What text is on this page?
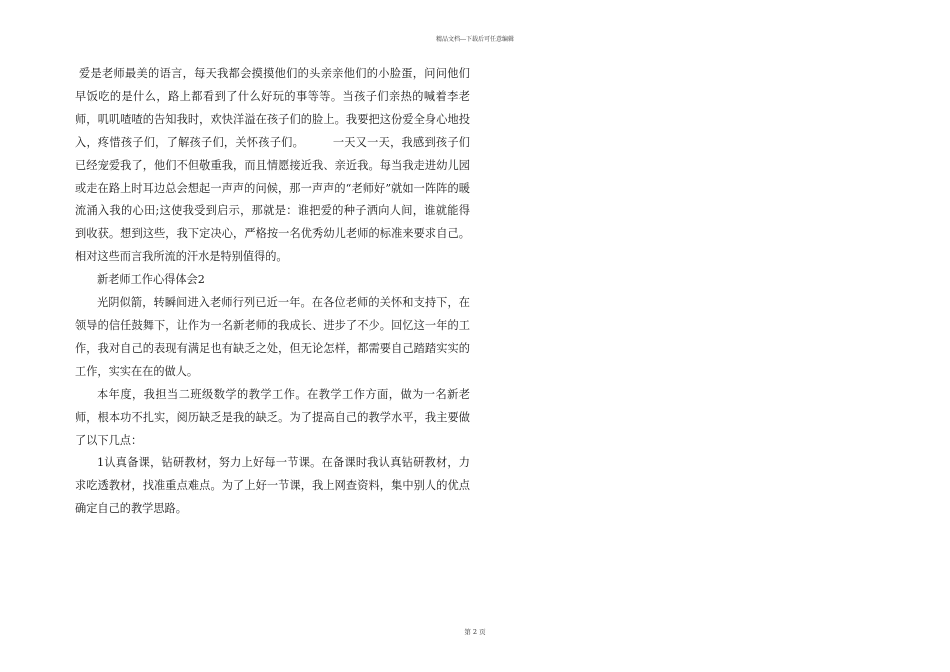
精品文档---下载后可任意编辑

爱是老师最美的语言，每天我都会摸摸他们的头亲亲他们的小脸蛋，问问他们早饭吃的是什么，路上都看到了什么好玩的事等等。当孩子们亲热的喊着李老师，叽叽喳喳的告知我时，欢快洋溢在孩子们的脸上。我要把这份爱全身心地投入，疼惜孩子们，了解孩子们，关怀孩子们。　　　一天又一天，我感到孩子们已经宠爱我了，他们不但敬重我，而且情愿接近我、亲近我。每当我走进幼儿园或走在路上时耳边总会想起一声声的问候，那一声声的“老师好”就如一阵阵的暖流涌入我的心田;这使我受到启示，那就是：谁把爱的种子洒向人间，谁就能得到收获。想到这些，我下定决心，严格按一名优秀幼儿老师的标准来要求自己。相对这些而言我所流的汗水是特别值得的。

新老师工作心得体会2

光阴似箭，转瞬间进入老师行列已近一年。在各位老师的关怀和支持下，在领导的信任鼓舞下，让作为一名新老师的我成长、进步了不少。回忆这一年的工作，我对自己的表现有满足也有缺乏之处，但无论怎样，都需要自己踏踏实实的工作，实实在在的做人。

本年度，我担当二班级数学的教学工作。在教学工作方面，做为一名新老师，根本功不扎实，阅历缺乏是我的缺乏。为了提高自己的教学水平，我主要做了以下几点：

1认真备课，钻研教材，努力上好每一节课。在备课时我认真钻研教材，力求吃透教材，找准重点难点。为了上好一节课，我上网查资料，集中别人的优点确定自己的教学思路。

第 2 页
